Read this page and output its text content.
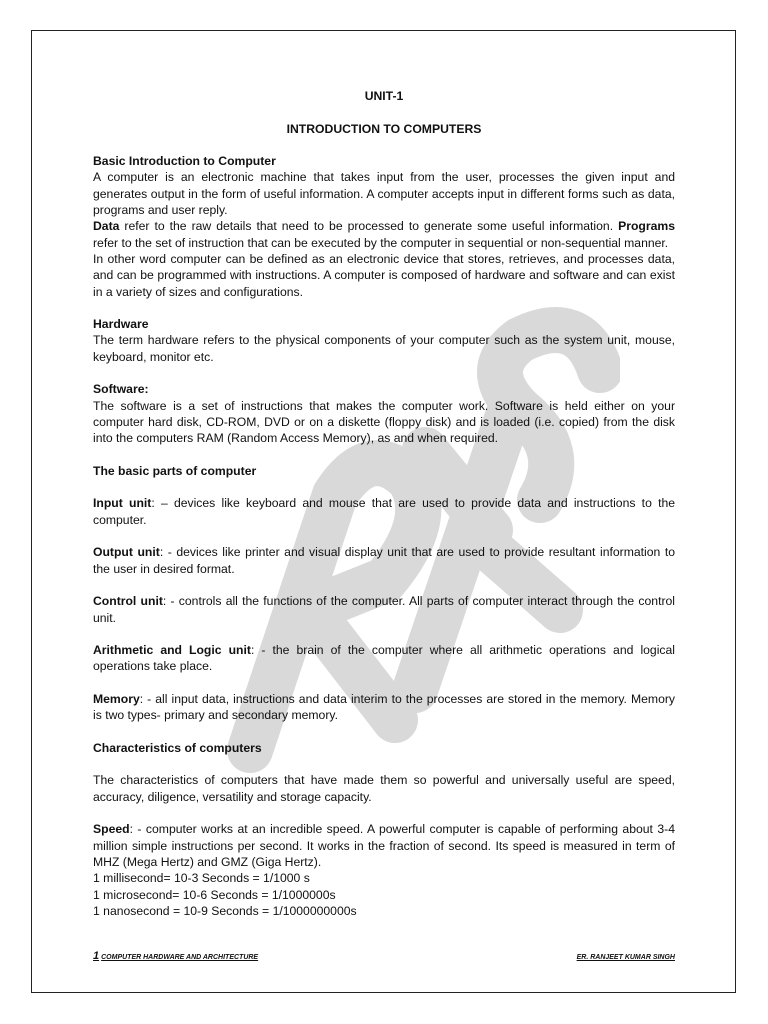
UNIT-1

INTRODUCTION TO COMPUTERS

Basic Introduction to Computer

A computer is an electronic machine that takes input from the user, processes the given input and generates output in the form of useful information. A computer accepts input in different forms such as data, programs and user reply.

Data refer to the raw details that need to be processed to generate some useful information. Programs refer to the set of instruction that can be executed by the computer in sequential or non-sequential manner.

In other word computer can be defined as an electronic device that stores, retrieves, and processes data, and can be programmed with instructions. A computer is composed of hardware and software and can exist in a variety of sizes and configurations.

Hardware

The term hardware refers to the physical components of your computer such as the system unit, mouse, keyboard, monitor etc.

Software:

The software is a set of instructions that makes the computer work. Software is held either on your computer hard disk, CD-ROM, DVD or on a diskette (floppy disk) and is loaded (i.e. copied) from the disk into the computers RAM (Random Access Memory), as and when required.

The basic parts of computer

Input unit: – devices like keyboard and mouse that are used to provide data and instructions to the computer.

Output unit: - devices like printer and visual display unit that are used to provide resultant information to the user in desired format.

Control unit: - controls all the functions of the computer. All parts of computer interact through the control unit.

Arithmetic and Logic unit: - the brain of the computer where all arithmetic operations and logical operations take place.

Memory: - all input data, instructions and data interim to the processes are stored in the memory. Memory is two types- primary and secondary memory.

Characteristics of computers

The characteristics of computers that have made them so powerful and universally useful are speed, accuracy, diligence, versatility and storage capacity.

Speed: - computer works at an incredible speed. A powerful computer is capable of performing about 3-4 million simple instructions per second. It works in the fraction of second. Its speed is measured in term of MHZ (Mega Hertz) and GMZ (Giga Hertz).

1 millisecond= 10-3 Seconds = 1/1000 s

1 microsecond= 10-6 Seconds = 1/1000000s

1 nanosecond = 10-9 Seconds = 1/1000000000s

1 COMPUTER HARDWARE AND ARCHITECTURE	ER. RANJEET KUMAR SINGH
